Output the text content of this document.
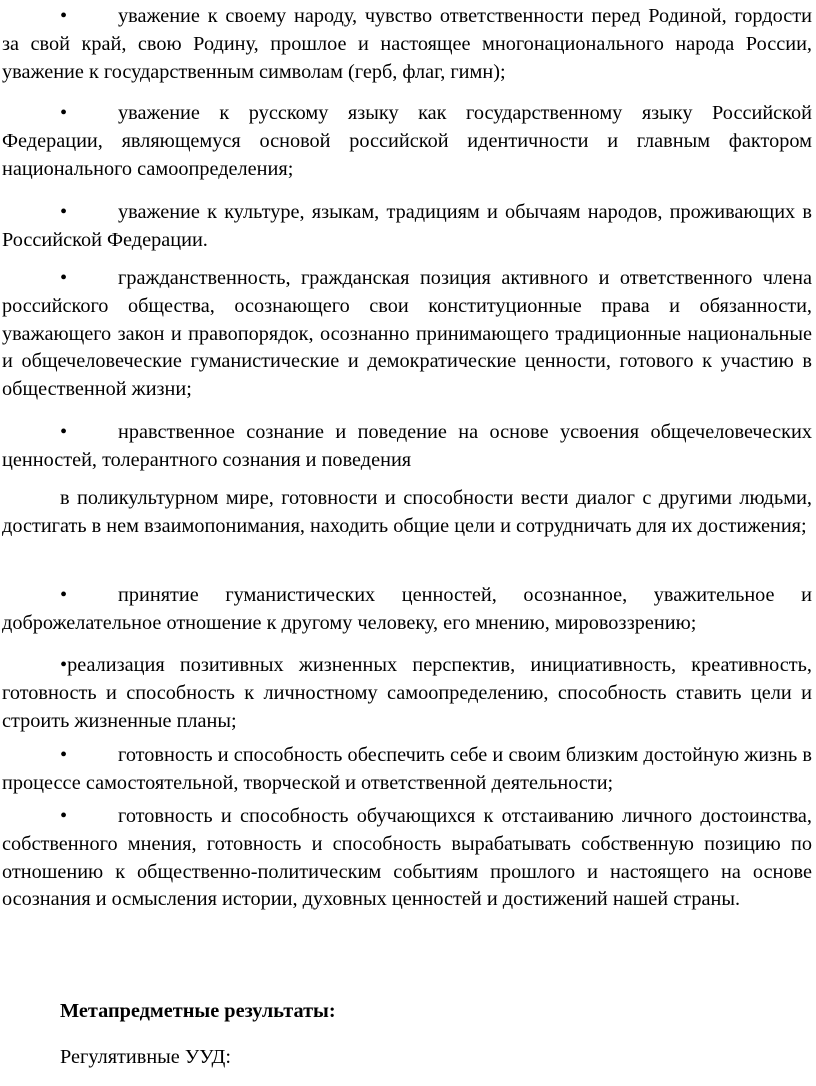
•	уважение к своему народу, чувство ответственности перед Родиной, гордости за свой край, свою Родину, прошлое и настоящее многонационального народа России, уважение к государственным символам (герб, флаг, гимн);

•	уважение к русскому языку как государственному языку Российской Федерации, являющемуся основой российской идентичности и главным фактором национального самоопределения;

•	уважение к культуре, языкам, традициям и обычаям народов, проживающих в Российской Федерации.

•	гражданственность, гражданская позиция активного и ответственного члена российского общества, осознающего свои конституционные права и обязанности, уважающего закон и правопорядок, осознанно принимающего традиционные национальные и общечеловеческие гуманистические и демократические ценности, готового к участию в общественной жизни;

•	нравственное сознание и поведение на основе усвоения общечеловеческих ценностей, толерантного сознания и поведения

в поликультурном мире, готовности и способности вести диалог с другими людьми, достигать в нем взаимопонимания, находить общие цели и сотрудничать для их достижения;

•	принятие гуманистических ценностей, осознанное, уважительное и доброжелательное отношение к другому человеку, его мнению, мировоззрению;

•реализация позитивных жизненных перспектив, инициативность, креативность, готовность и способность к личностному самоопределению, способность ставить цели и строить жизненные планы;

•	готовность и способность обеспечить себе и своим близким достойную жизнь в процессе самостоятельной, творческой и ответственной деятельности;

•	готовность и способность обучающихся к отстаиванию личного достоинства, собственного мнения, готовность и способность вырабатывать собственную позицию по отношению к общественно-политическим событиям прошлого и настоящего на основе осознания и осмысления истории, духовных ценностей и достижений нашей страны.

Метапредметные результаты:

Регулятивные УУД:
